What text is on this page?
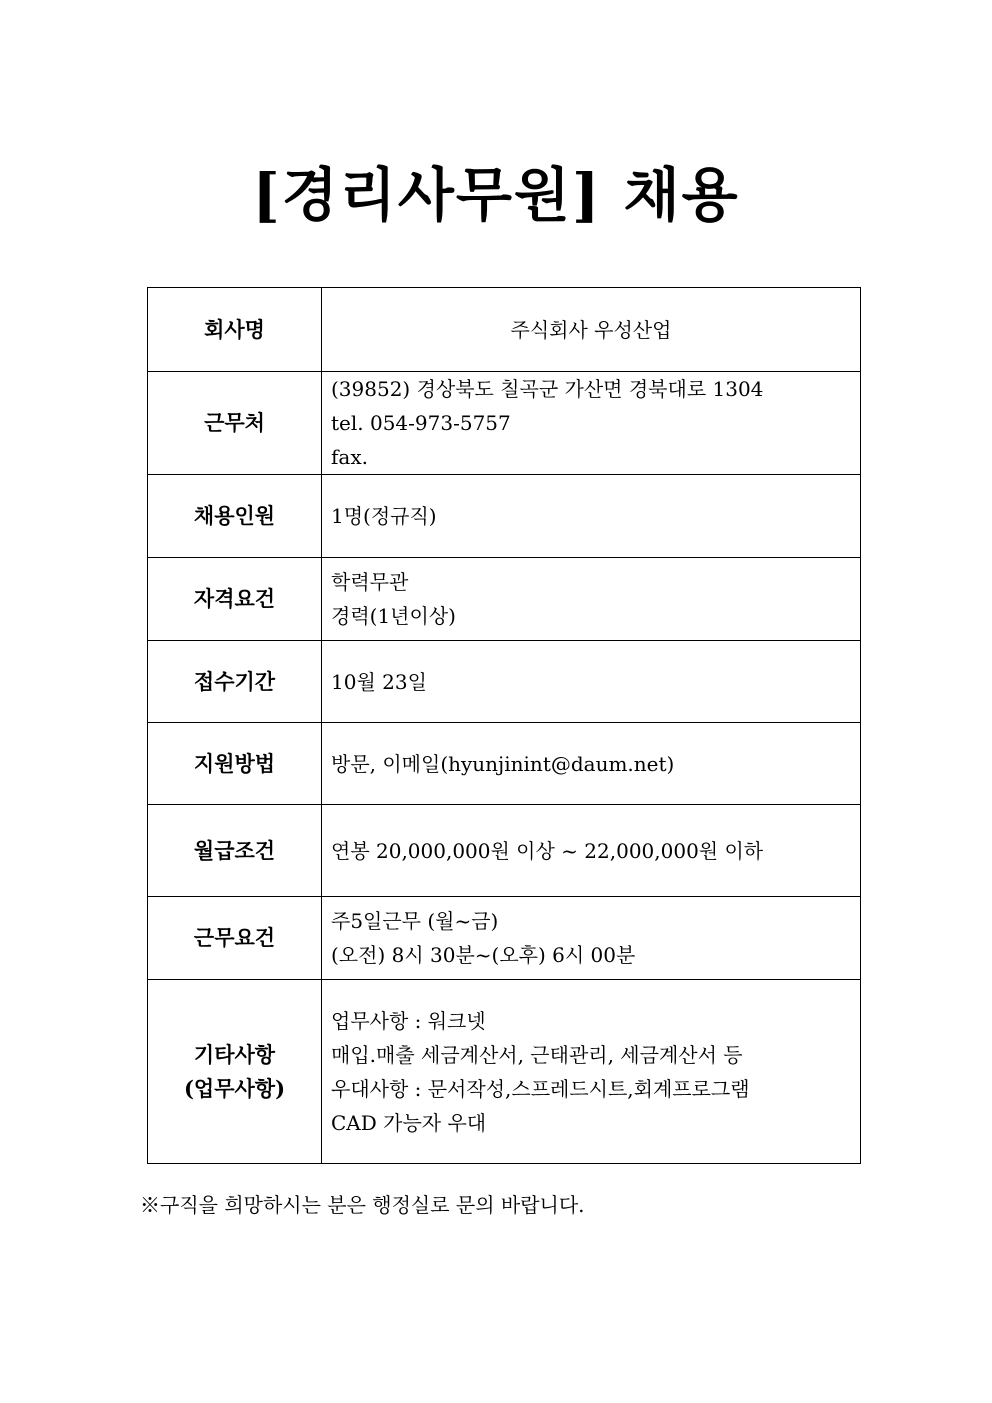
[경리사무원] 채용
회사명	주식회사 우성산업

근무처	(39852) 경상북도 칠곡군 가산면 경북대로 1304
tel. 054-973-5757
fax.

채용인원	1명(정규직)

자격요건	학력무관
경력(1년이상)

접수기간	10월 23일

지원방법	방문, 이메일(hyunjinint@daum.net)

월급조건	연봉 20,000,000원 이상 ~ 22,000,000원 이하

근무요건	주5일근무 (월~금)
(오전) 8시 30분~(오후) 6시 00분

기타사항
(업무사항)	업무사항 : 워크넷
매입.매출 세금계산서, 근태관리, 세금계산서 등
우대사항 : 문서작성,스프레드시트,회계프로그램
CAD 가능자 우대
※구직을 희망하시는 분은 행정실로 문의 바랍니다.
